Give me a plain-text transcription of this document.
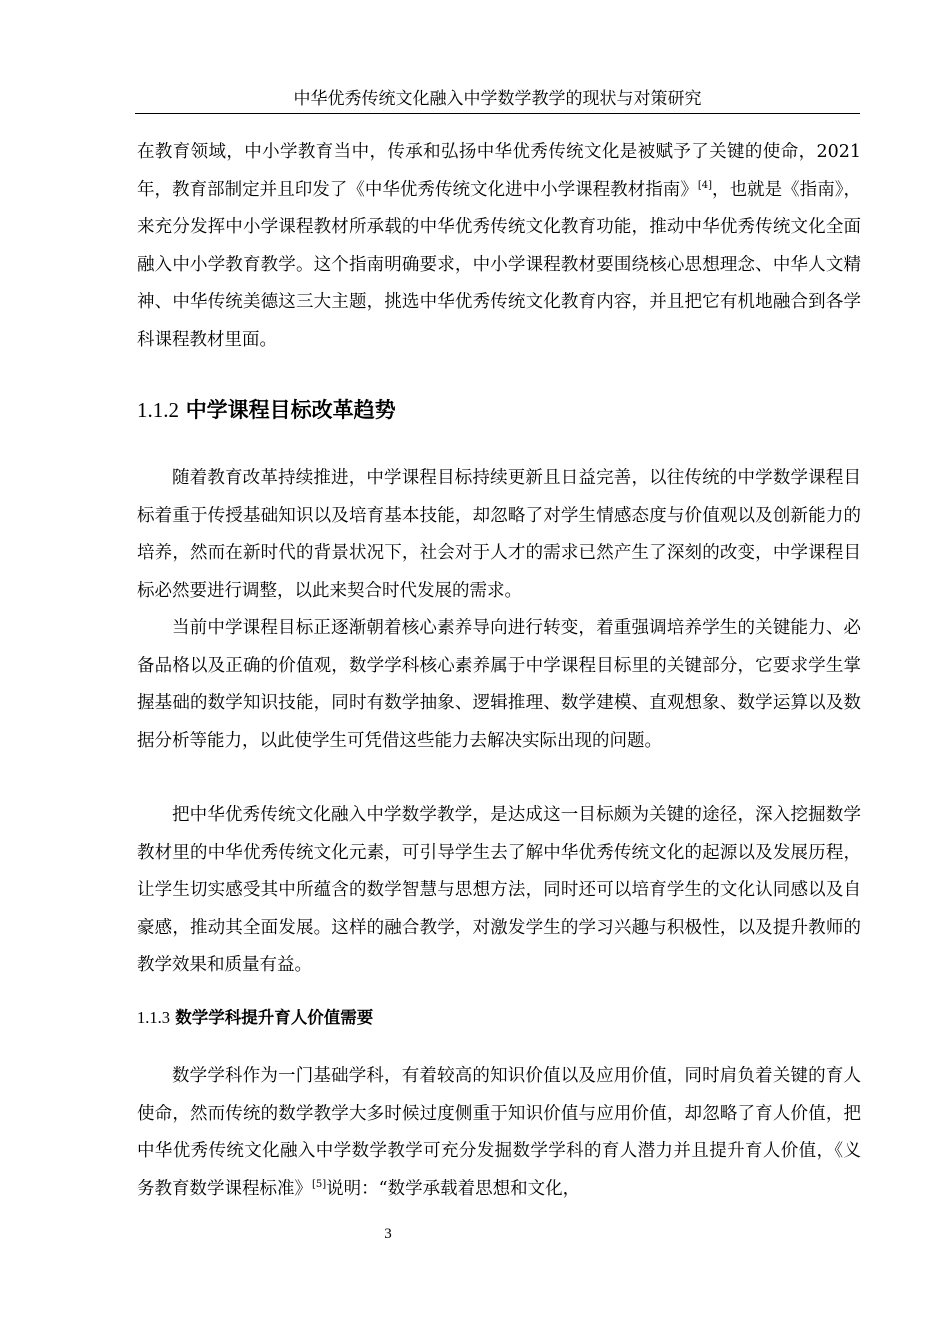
中华优秀传统文化融入中学数学教学的现状与对策研究

在教育领域，中小学教育当中，传承和弘扬中华优秀传统文化是被赋予了关键的使命，2021年，教育部制定并且印发了《中华优秀传统文化进中小学课程教材指南》[4]，也就是《指南》，来充分发挥中小学课程教材所承载的中华优秀传统文化教育功能，推动中华优秀传统文化全面融入中小学教育教学。这个指南明确要求，中小学课程教材要围绕核心思想理念、中华人文精神、中华传统美德这三大主题，挑选中华优秀传统文化教育内容，并且把它有机地融合到各学科课程教材里面。

1.1.2 中学课程目标改革趋势

随着教育改革持续推进，中学课程目标持续更新且日益完善，以往传统的中学数学课程目标着重于传授基础知识以及培育基本技能，却忽略了对学生情感态度与价值观以及创新能力的培养，然而在新时代的背景状况下，社会对于人才的需求已然产生了深刻的改变，中学课程目标必然要进行调整，以此来契合时代发展的需求。

当前中学课程目标正逐渐朝着核心素养导向进行转变，着重强调培养学生的关键能力、必备品格以及正确的价值观，数学学科核心素养属于中学课程目标里的关键部分，它要求学生掌握基础的数学知识技能，同时有数学抽象、逻辑推理、数学建模、直观想象、数学运算以及数据分析等能力，以此使学生可凭借这些能力去解决实际出现的问题。

把中华优秀传统文化融入中学数学教学，是达成这一目标颇为关键的途径，深入挖掘数学教材里的中华优秀传统文化元素，可引导学生去了解中华优秀传统文化的起源以及发展历程，让学生切实感受其中所蕴含的数学智慧与思想方法，同时还可以培育学生的文化认同感以及自豪感，推动其全面发展。这样的融合教学，对激发学生的学习兴趣与积极性，以及提升教师的教学效果和质量有益。

1.1.3 数学学科提升育人价值需要

数学学科作为一门基础学科，有着较高的知识价值以及应用价值，同时肩负着关键的育人使命，然而传统的数学教学大多时候过度侧重于知识价值与应用价值，却忽略了育人价值，把中华优秀传统文化融入中学数学教学可充分发掘数学学科的育人潜力并且提升育人价值，《义务教育数学课程标准》[5]说明：“数学承载着思想和文化，

3
